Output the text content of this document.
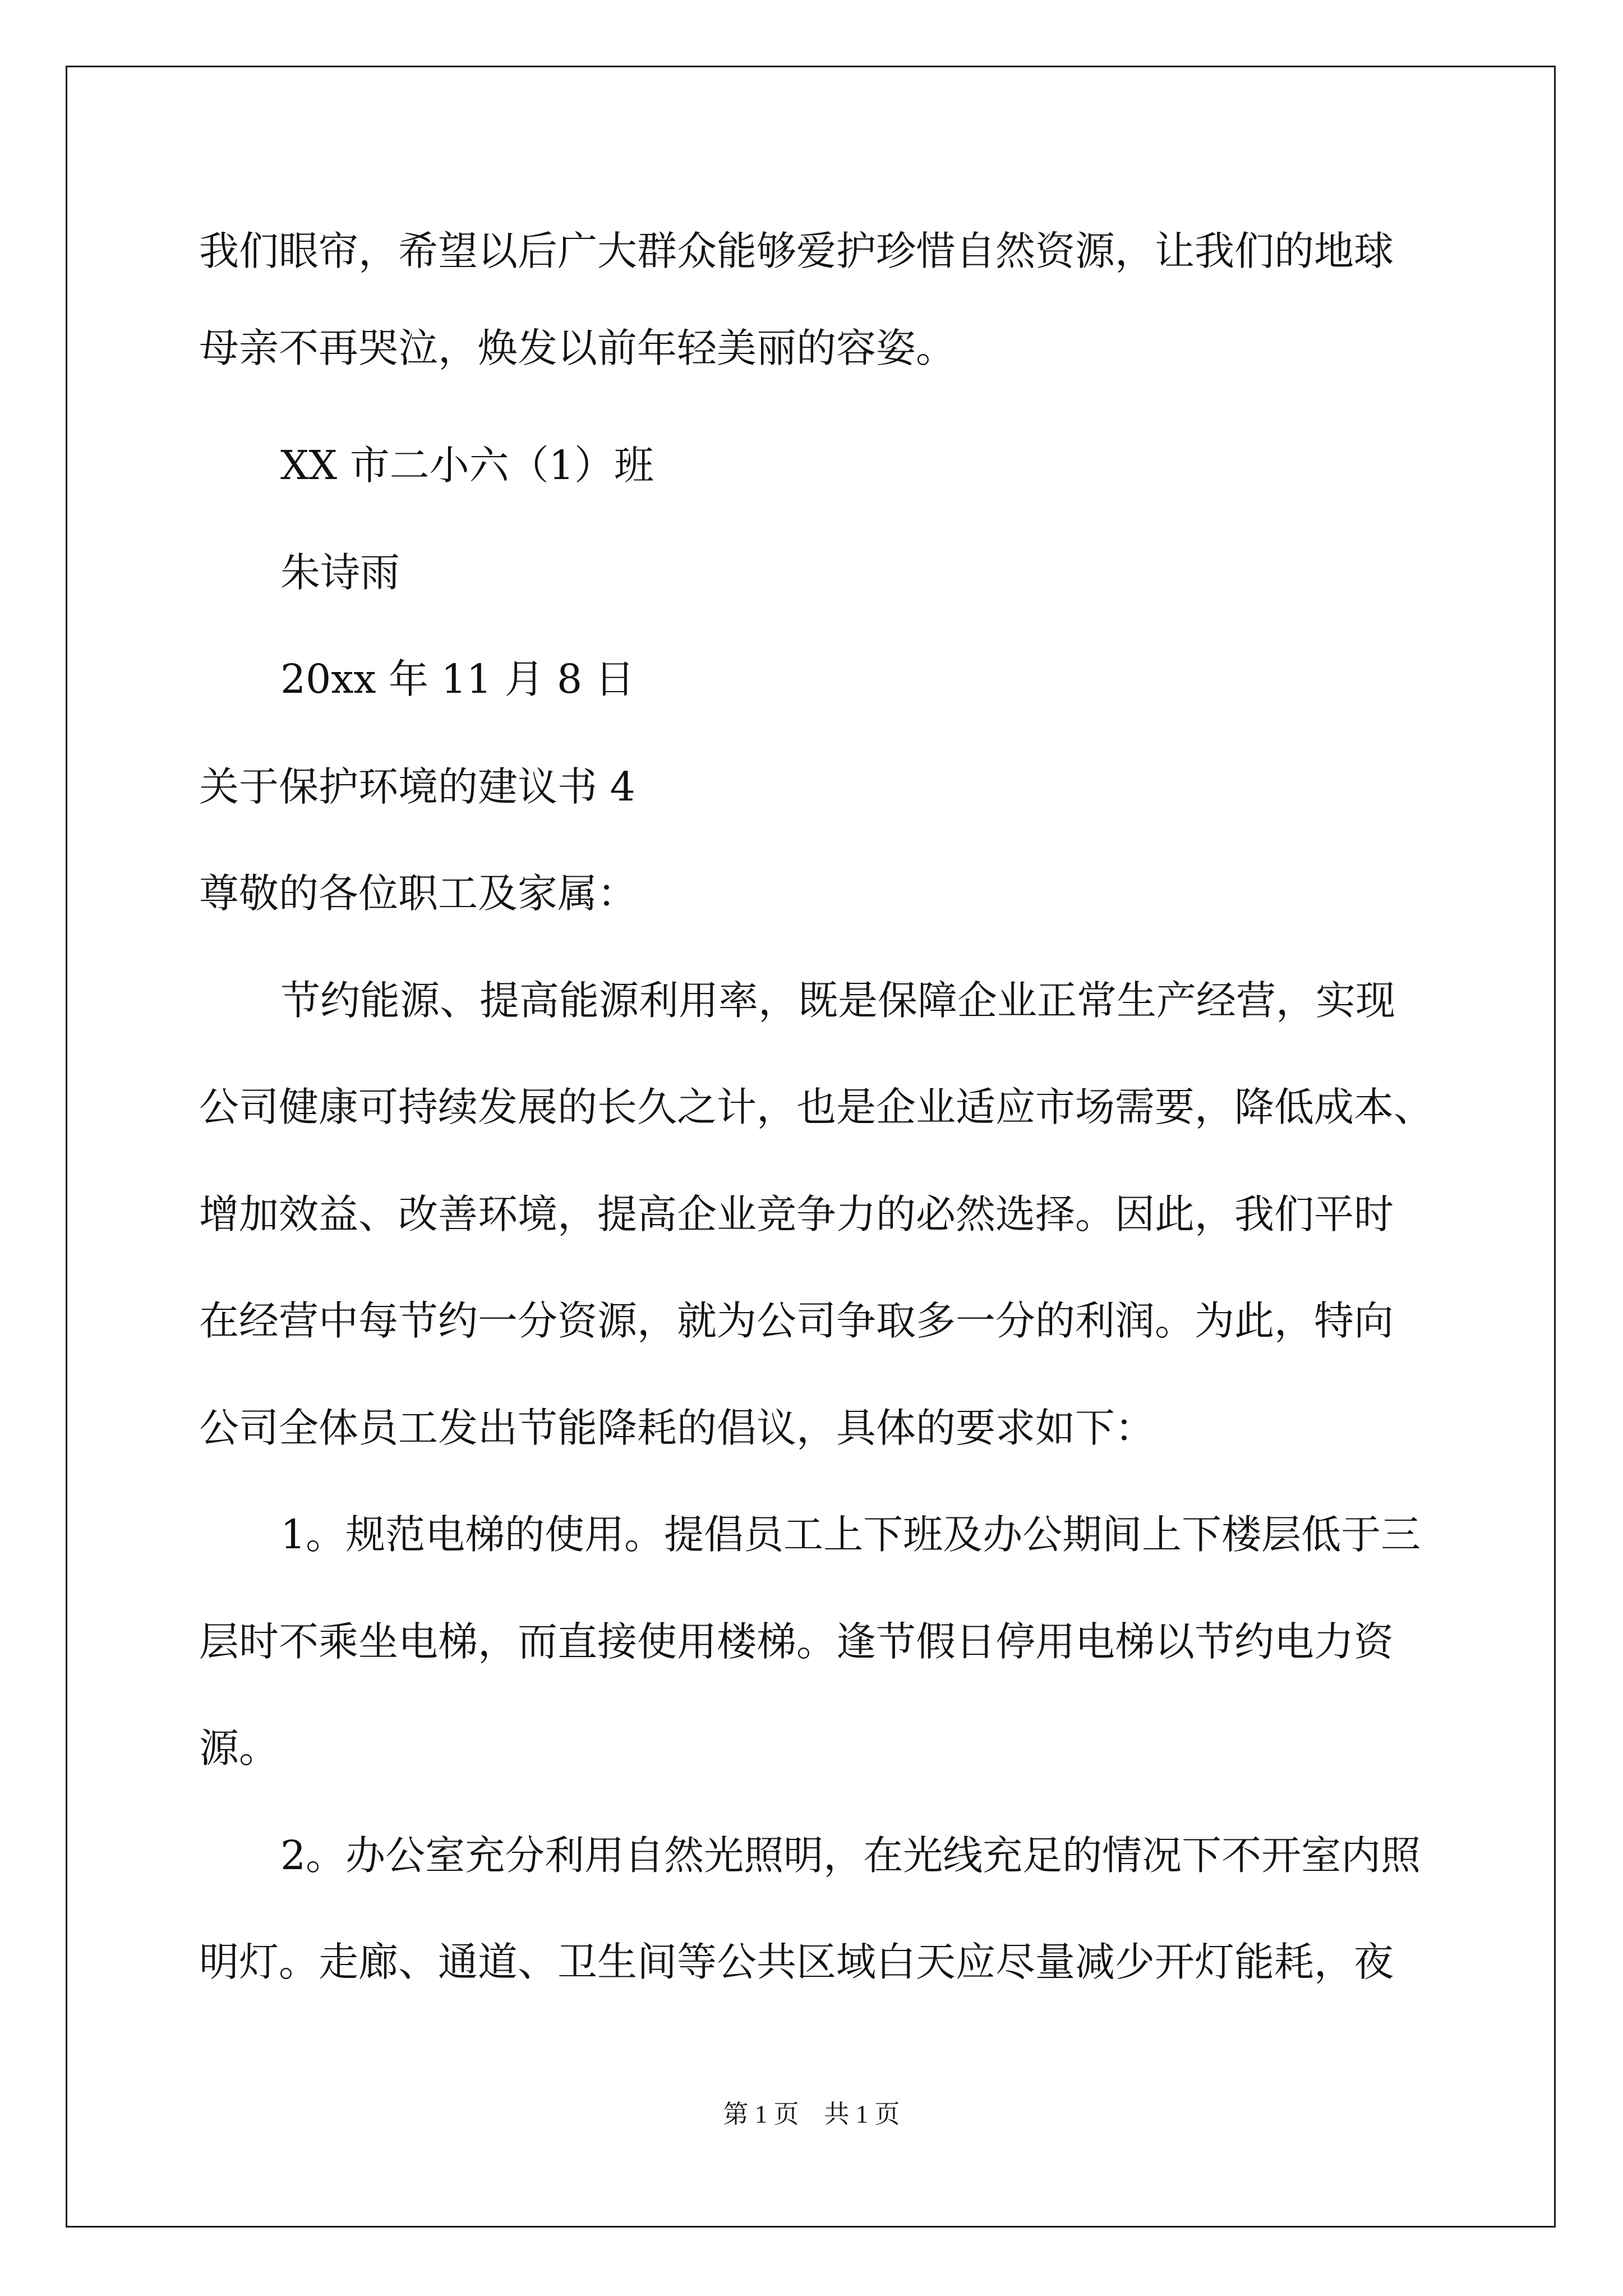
我们眼帘，希望以后广大群众能够爱护珍惜自然资源，让我们的地球
母亲不再哭泣，焕发以前年轻美丽的容姿。
XX 市二小六（1）班
朱诗雨
20xx 年 11 月 8 日
关于保护环境的建议书 4
尊敬的各位职工及家属：
节约能源、提高能源利用率，既是保障企业正常生产经营，实现
公司健康可持续发展的长久之计，也是企业适应市场需要，降低成本、
增加效益、改善环境，提高企业竞争力的必然选择。因此，我们平时
在经营中每节约一分资源，就为公司争取多一分的利润。为此，特向
公司全体员工发出节能降耗的倡议，具体的要求如下：
1。规范电梯的使用。提倡员工上下班及办公期间上下楼层低于三
层时不乘坐电梯，而直接使用楼梯。逢节假日停用电梯以节约电力资
源。
2。办公室充分利用自然光照明，在光线充足的情况下不开室内照
明灯。走廊、通道、卫生间等公共区域白天应尽量减少开灯能耗，夜
第 1 页　共 1 页
